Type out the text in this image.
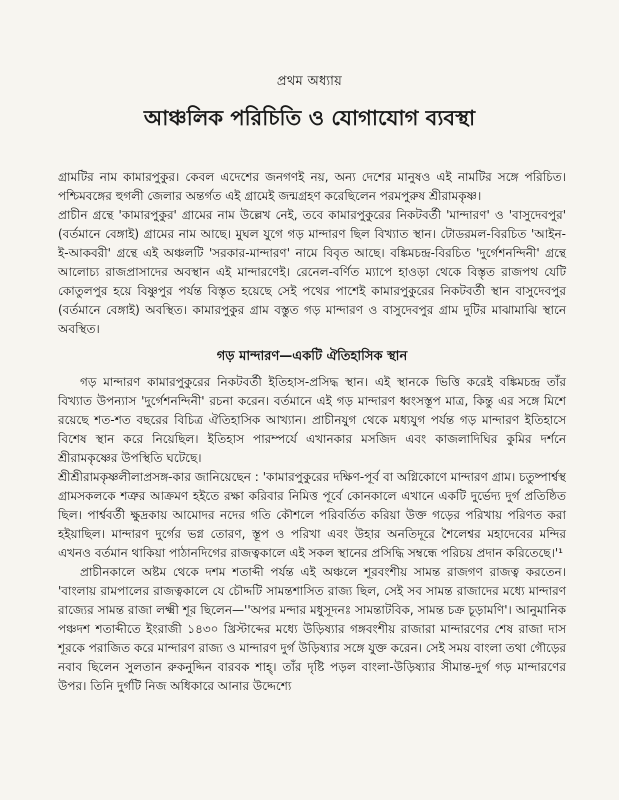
প্রথম অধ্যায়
আঞ্চলিক পরিচিতি ও যোগাযোগ ব্যবস্থা

গ্রামটির নাম কামারপুকুর। কেবল এদেশের জনগণই নয়, অন্য দেশের মানুষও এই নামটির সঙ্গে পরিচিত। পশ্চিমবঙ্গের হুগলী জেলার অন্তর্গত এই গ্রামেই জন্মগ্রহণ করেছিলেন পরমপুরুষ শ্রীরামকৃষ্ণ।

প্রাচীন গ্রন্থে 'কামারপুকুর' গ্রামের নাম উল্লেখ নেই, তবে কামারপুকুরের নিকটবর্তী 'মান্দারণ' ও 'বাসুদেবপুর' (বর্তমানে বেঙ্গাই) গ্রামের নাম আছে। মুঘল যুগে গড় মান্দারণ ছিল বিখ্যাত স্থান। টোডরমল-বিরচিত 'আইন-ই-আকবরী' গ্রন্থে এই অঞ্চলটি 'সরকার-মান্দারণ' নামে বিবৃত আছে। বঙ্কিমচন্দ্র-বিরচিত 'দুর্গেশনন্দিনী' গ্রন্থে আলোচ্য রাজপ্রাসাদের অবস্থান এই মান্দারণেই। রেনেল-বর্ণিত ম্যাপে হাওড়া থেকে বিস্তৃত রাজপথ যেটি কোতুলপুর হয়ে বিষ্ণুপুর পর্যন্ত বিস্তৃত হয়েছে সেই পথের পাশেই কামারপুকুরের নিকটবর্তী স্থান বাসুদেবপুর (বর্তমানে বেঙ্গাই) অবস্থিত। কামারপুকুর গ্রাম বস্তুত গড় মান্দারণ ও বাসুদেবপুর গ্রাম দুটির মাঝামাঝি স্থানে অবস্থিত।

গড় মান্দারণ—একটি ঐতিহাসিক স্থান

গড় মান্দারণ কামারপুকুরের নিকটবর্তী ইতিহাস-প্রসিদ্ধ স্থান। এই স্থানকে ভিত্তি করেই বঙ্কিমচন্দ্র তাঁর বিখ্যাত উপন্যাস 'দুর্গেশনন্দিনী' রচনা করেন। বর্তমানে এই গড় মান্দারণ ধ্বংসস্তূপ মাত্র, কিন্তু এর সঙ্গে মিশে রয়েছে শত-শত বছরের বিচিত্র ঐতিহাসিক আখ্যান। প্রাচীনযুগ থেকে মধ্যযুগ পর্যন্ত গড় মান্দারণ ইতিহাসে বিশেষ স্থান করে নিয়েছিল। ইতিহাস পারম্পর্যে এখানকার মসজিদ এবং কাজলাদিঘির কুমির দর্শনে শ্রীরামকৃষ্ণের উপস্থিতি ঘটেছে।

শ্রীশ্রীরামকৃষ্ণলীলাপ্রসঙ্গ-কার জানিয়েছেন : 'কামারপুকুরের দক্ষিণ-পূর্ব বা অগ্নিকোণে মান্দারণ গ্রাম। চতুষ্পার্শ্বস্থ গ্রামসকলকে শত্রুর আক্রমণ হইতে রক্ষা করিবার নিমিত্ত পূর্বে কোনকালে এখানে একটি দুর্ভেদ্য দুর্গ প্রতিষ্ঠিত ছিল। পার্শ্ববর্তী ক্ষুদ্রকায় আমোদর নদের গতি কৌশলে পরিবর্তিত করিয়া উক্ত গড়ের পরিখায় পরিণত করা হইয়াছিল। মান্দারণ দুর্গের ভগ্ন তোরণ, স্তূপ ও পরিখা এবং উহার অনতিদূরে শৈলেশ্বর মহাদেবের মন্দির এখনও বর্তমান থাকিয়া পাঠানদিগের রাজত্বকালে এই সকল স্থানের প্রসিদ্ধি সম্বন্ধে পরিচয় প্রদান করিতেছে।'¹

প্রাচীনকালে অষ্টম থেকে দশম শতাব্দী পর্যন্ত এই অঞ্চলে শূরবংশীয় সামন্ত রাজগণ রাজত্ব করতেন। 'বাংলায় রামপালের রাজত্বকালে যে চৌদ্দটি সামন্তশাসিত রাজ্য ছিল, সেই সব সামন্ত রাজাদের মধ্যে মান্দারণ রাজ্যের সামন্ত রাজা লক্ষ্মী শূর ছিলেন—''অপর মন্দার মধুসূদনঃ সামন্তাটবিক, সামন্ত চক্র চূড়ামণি'। আনুমানিক পঞ্চদশ শতাব্দীতে ইংরাজী ১৪৩০ খ্রিস্টাব্দের মধ্যে উড়িষ্যার গঙ্গবংশীয় রাজারা মান্দারণের শেষ রাজা দাস শূরকে পরাজিত করে মান্দারণ রাজ্য ও মান্দারণ দুর্গ উড়িষ্যার সঙ্গে যুক্ত করেন। সেই সময় বাংলা তথা গৌড়ের নবাব ছিলেন সুলতান রুকনুদ্দিন বারবক শাহ্। তাঁর দৃষ্টি পড়ল বাংলা-উড়িষ্যার সীমান্ত-দুর্গ গড় মান্দারণের উপর। তিনি দুর্গটি নিজ অধিকারে আনার উদ্দেশ্যে
